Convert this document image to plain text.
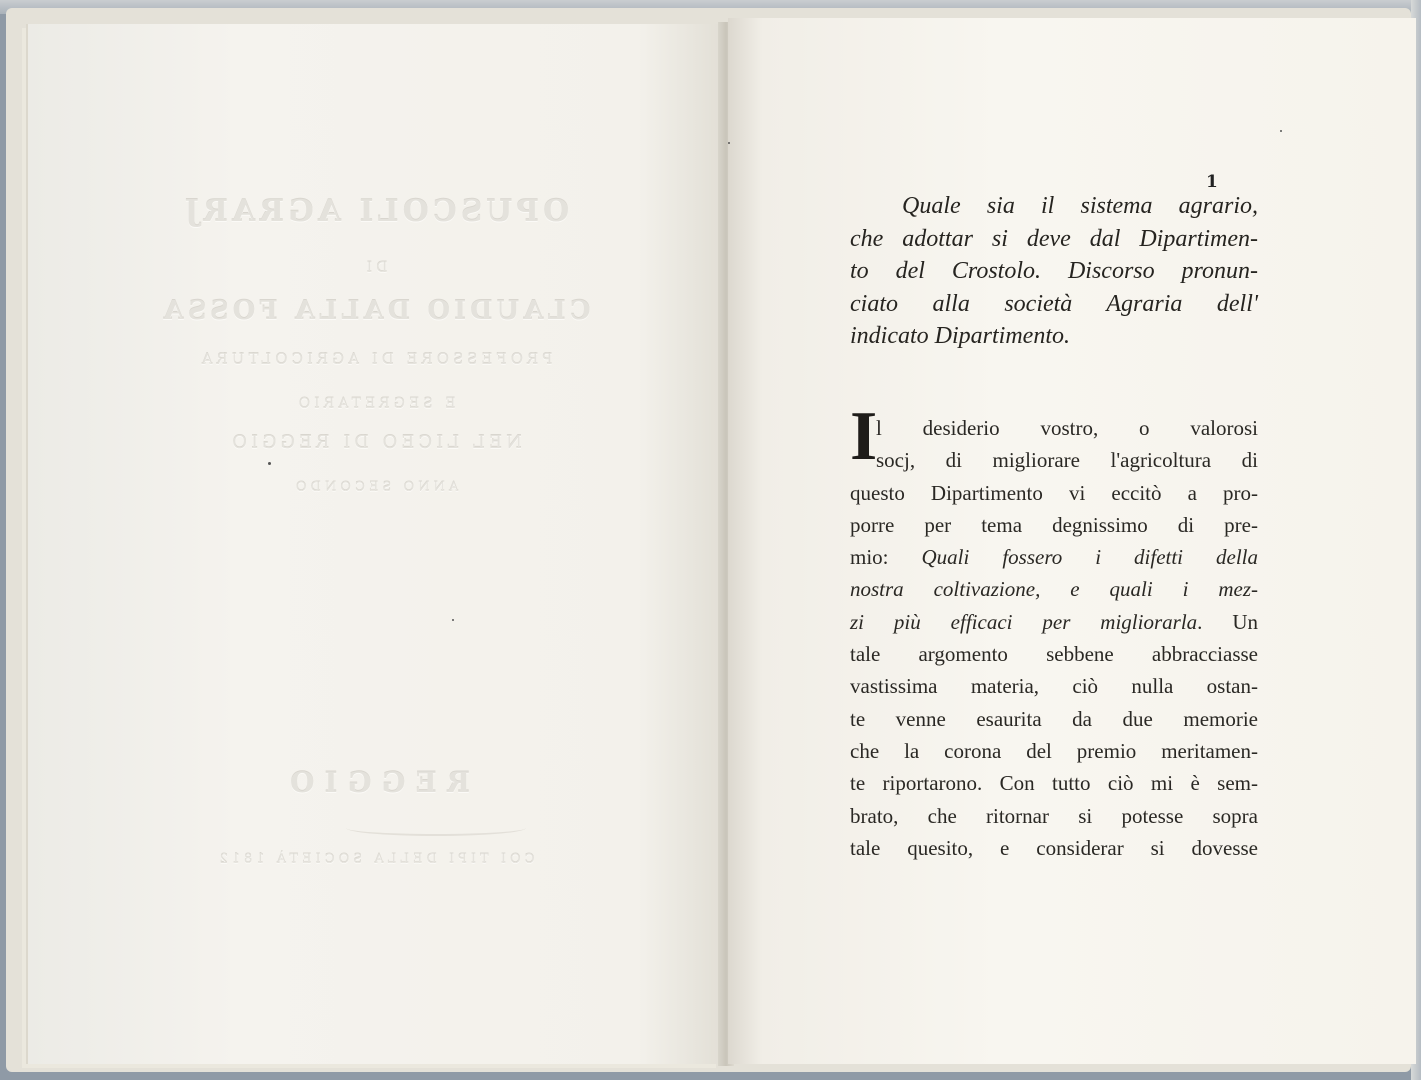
OPUSCOLI AGRARJ
DI
CLAUDIO DALLA FOSSA
PROFESSORE DI AGRICOLTURA
E SEGRETARIO
NEL LICEO DI REGGIO
ANNO SECONDO
REGGIO
COI TIPI DELLA SOCIETÀ 1812
1
Quale sia il sistema agrario,
che adottar si deve dal Dipartimen-
to del Crostolo. Discorso pronun-
ciato alla società Agraria dell'
indicato Dipartimento.
I
l desiderio vostro, o valorosi
socj, di migliorare l'agricoltura di
questo Dipartimento vi eccitò a pro-
porre per tema degnissimo di pre-
mio: Quali fossero i difetti della
nostra coltivazione, e quali i mez-
zi più efficaci per migliorarla. Un
tale argomento sebbene abbracciasse
vastissima materia, ciò nulla ostan-
te venne esaurita da due memorie
che la corona del premio meritamen-
te riportarono. Con tutto ciò mi è sem-
brato, che ritornar si potesse sopra
tale quesito, e considerar si dovesse
